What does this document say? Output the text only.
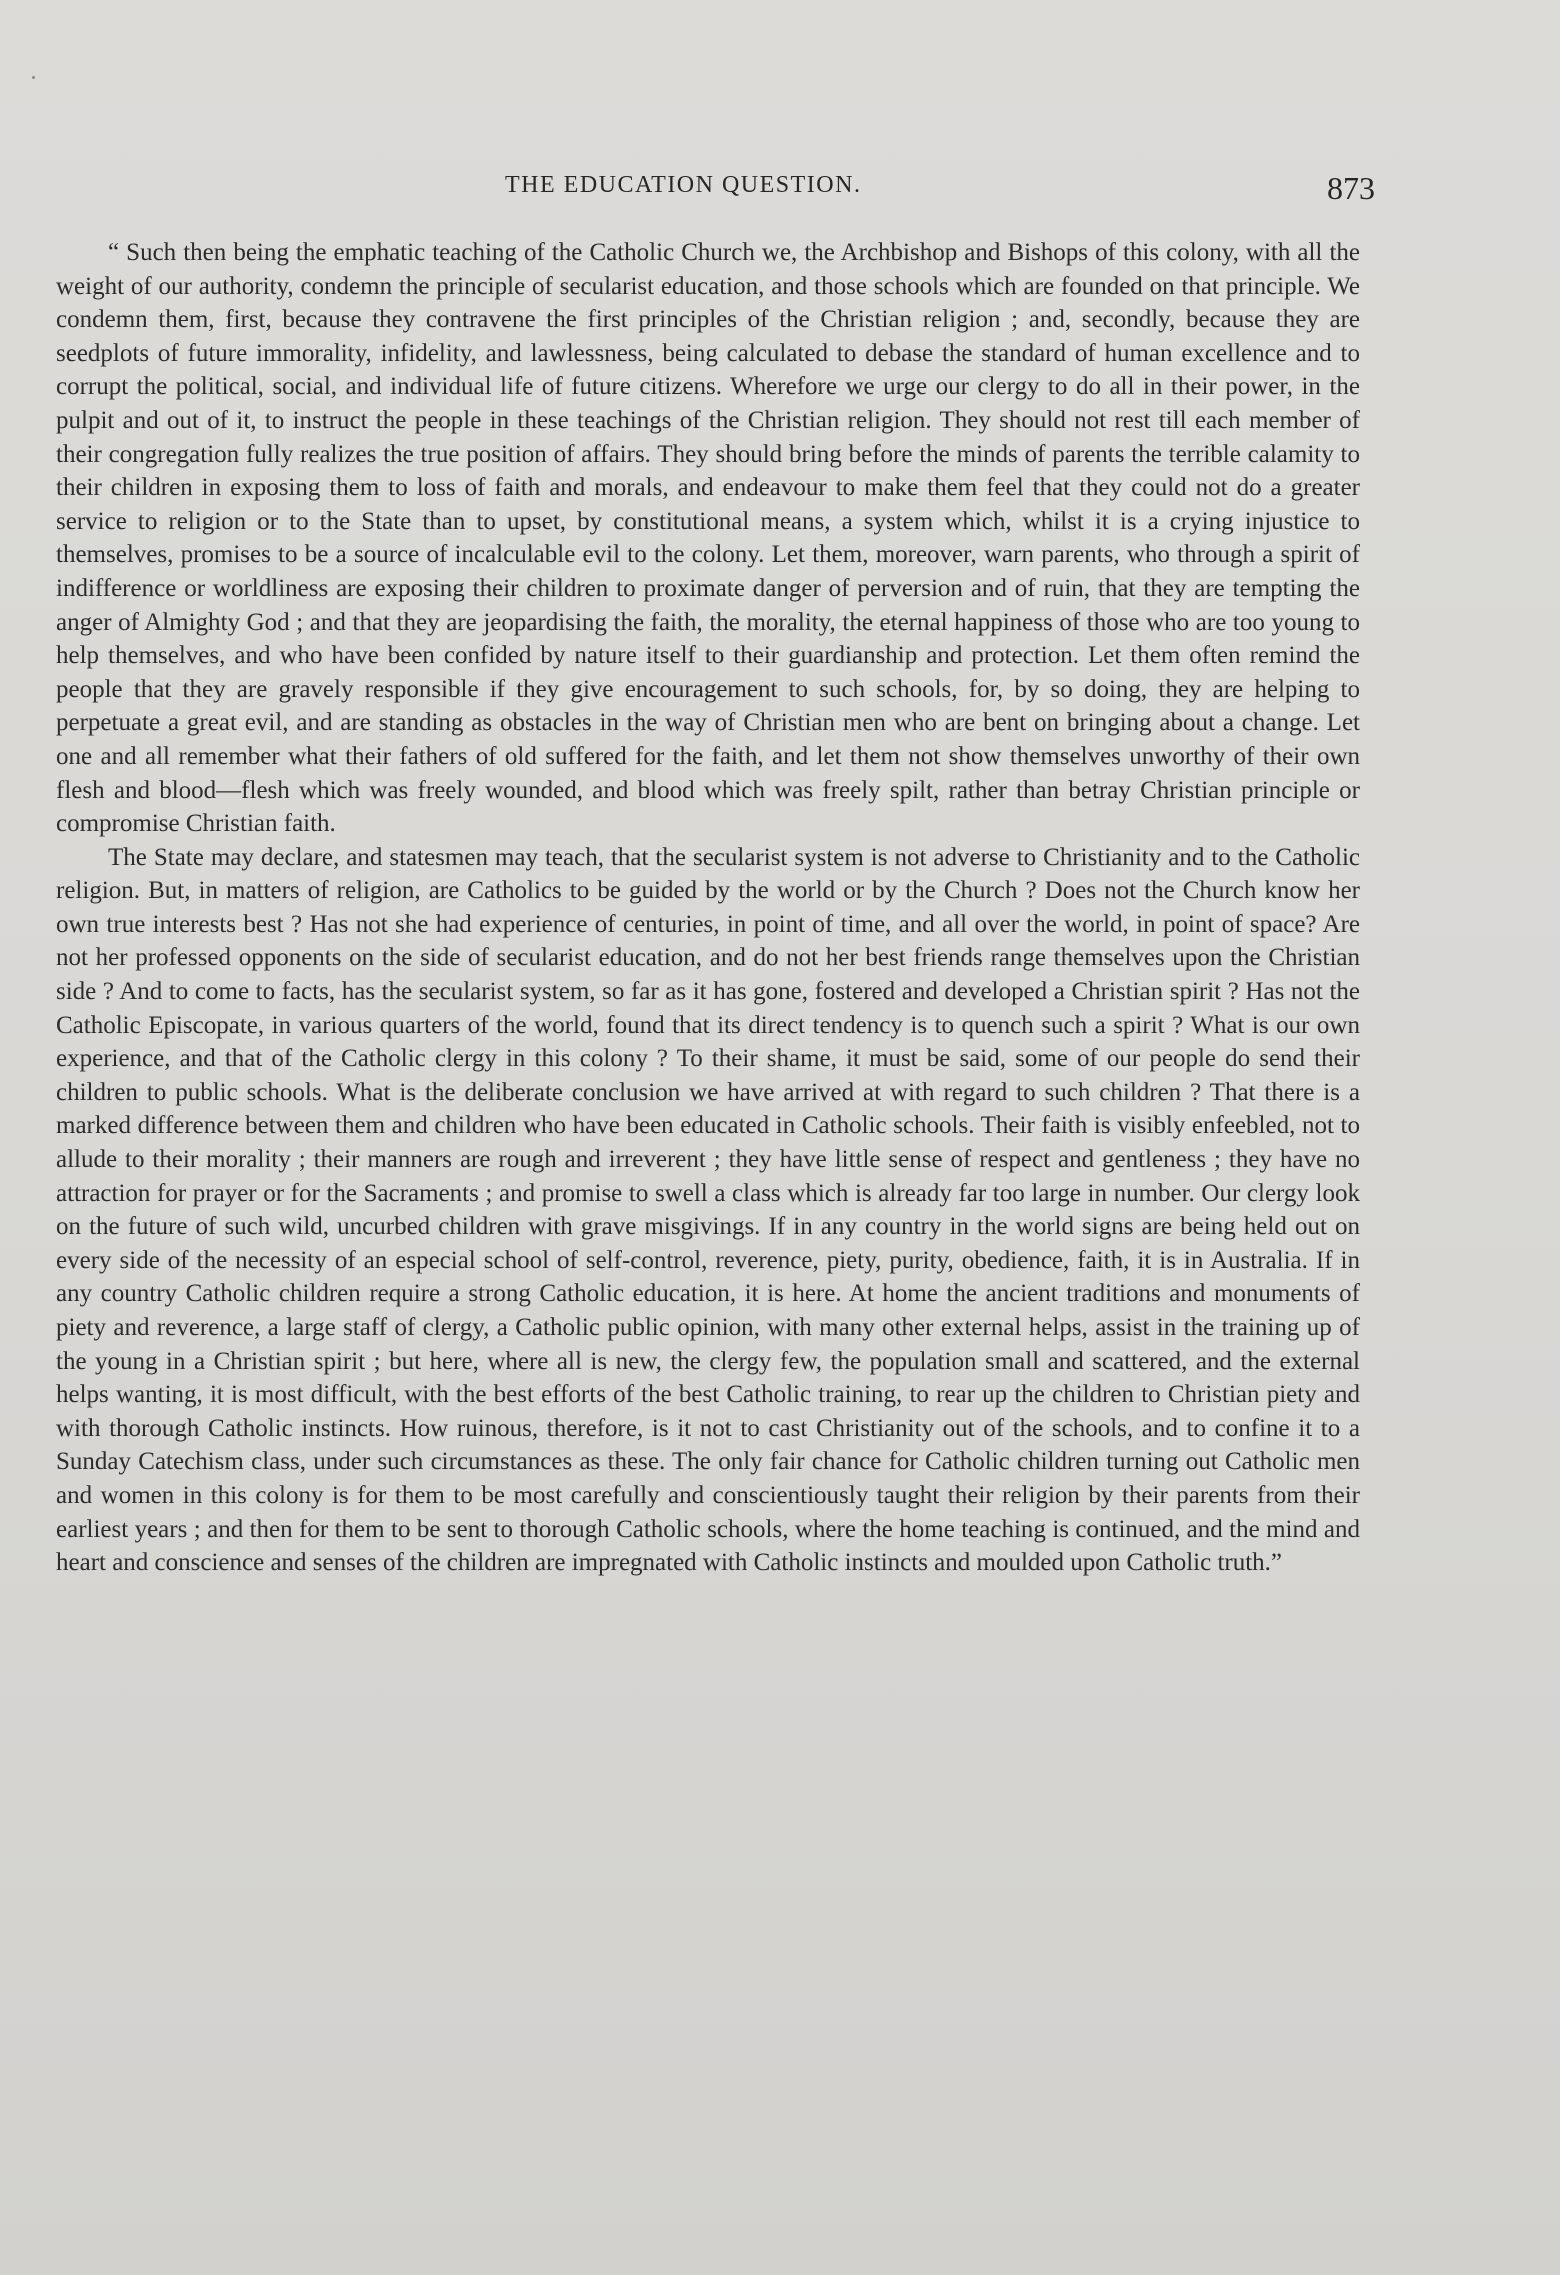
THE EDUCATION QUESTION.	873

“ Such then being the emphatic teaching of the Catholic Church we, the Archbishop and Bishops of this colony, with all the weight of our authority, condemn the principle of secularist education, and those schools which are founded on that principle. We condemn them, first, because they contravene the first principles of the Christian religion ; and, secondly, because they are seedplots of future immorality, infidelity, and lawlessness, being calculated to debase the standard of human excellence and to corrupt the political, social, and individual life of future citizens. Wherefore we urge our clergy to do all in their power, in the pulpit and out of it, to instruct the people in these teachings of the Christian religion. They should not rest till each member of their congregation fully realizes the true position of affairs. They should bring before the minds of parents the terrible calamity to their children in exposing them to loss of faith and morals, and endeavour to make them feel that they could not do a greater service to religion or to the State than to upset, by constitutional means, a system which, whilst it is a crying injustice to themselves, promises to be a source of incalculable evil to the colony. Let them, moreover, warn parents, who through a spirit of indifference or worldliness are exposing their children to proximate danger of perversion and of ruin, that they are tempting the anger of Almighty God ; and that they are jeopardising the faith, the morality, the eternal happiness of those who are too young to help themselves, and who have been confided by nature itself to their guardianship and protection. Let them often remind the people that they are gravely responsible if they give encouragement to such schools, for, by so doing, they are helping to perpetuate a great evil, and are standing as obstacles in the way of Christian men who are bent on bringing about a change. Let one and all remember what their fathers of old suffered for the faith, and let them not show themselves unworthy of their own flesh and blood—flesh which was freely wounded, and blood which was freely spilt, rather than betray Christian principle or compromise Christian faith.

The State may declare, and statesmen may teach, that the secularist system is not adverse to Christianity and to the Catholic religion. But, in matters of religion, are Catholics to be guided by the world or by the Church ? Does not the Church know her own true interests best ? Has not she had experience of centuries, in point of time, and all over the world, in point of space? Are not her professed opponents on the side of secularist education, and do not her best friends range themselves upon the Christian side ? And to come to facts, has the secularist system, so far as it has gone, fostered and developed a Christian spirit ? Has not the Catholic Episcopate, in various quarters of the world, found that its direct tendency is to quench such a spirit ? What is our own experience, and that of the Catholic clergy in this colony ? To their shame, it must be said, some of our people do send their children to public schools. What is the deliberate conclusion we have arrived at with regard to such children ? That there is a marked difference between them and children who have been educated in Catholic schools. Their faith is visibly enfeebled, not to allude to their morality ; their manners are rough and irreverent ; they have little sense of respect and gentleness ; they have no attraction for prayer or for the Sacraments ; and promise to swell a class which is already far too large in number. Our clergy look on the future of such wild, uncurbed children with grave misgivings. If in any country in the world signs are being held out on every side of the necessity of an especial school of self-control, reverence, piety, purity, obedience, faith, it is in Australia. If in any country Catholic children require a strong Catholic education, it is here. At home the ancient traditions and monuments of piety and reverence, a large staff of clergy, a Catholic public opinion, with many other external helps, assist in the training up of the young in a Christian spirit ; but here, where all is new, the clergy few, the population small and scattered, and the external helps wanting, it is most difficult, with the best efforts of the best Catholic training, to rear up the children to Christian piety and with thorough Catholic instincts. How ruinous, therefore, is it not to cast Christianity out of the schools, and to confine it to a Sunday Catechism class, under such circumstances as these. The only fair chance for Catholic children turning out Catholic men and women in this colony is for them to be most carefully and conscientiously taught their religion by their parents from their earliest years ; and then for them to be sent to thorough Catholic schools, where the home teaching is continued, and the mind and heart and conscience and senses of the children are impregnated with Catholic instincts and moulded upon Catholic truth.”
